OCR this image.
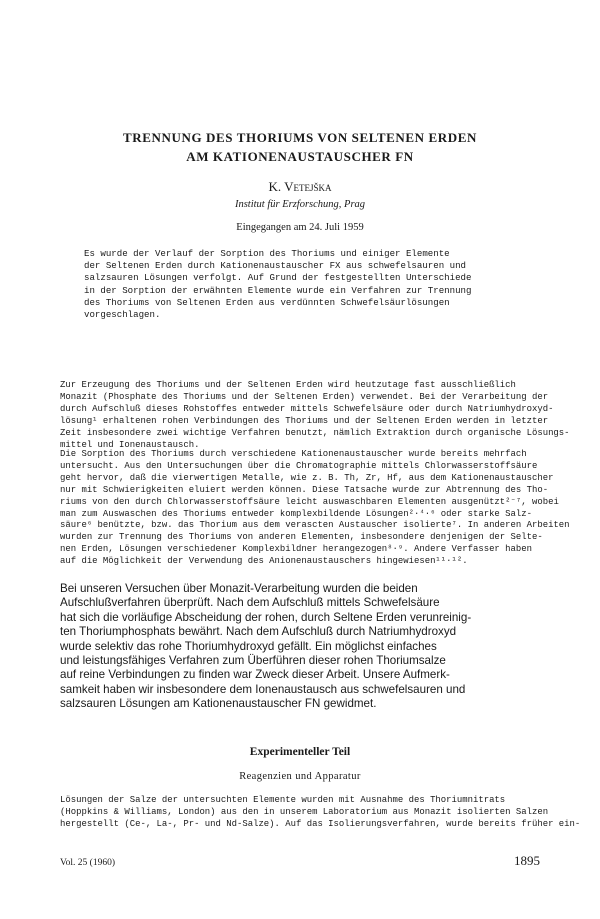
TRENNUNG DES THORIUMS VON SELTENEN ERDEN
AM KATIONENAUSTAUSCHER FN
K. Vetejška
Institut für Erzforschung, Prag
Eingegangen am 24. Juli 1959
Es wurde der Verlauf der Sorption des Thoriums und einiger Elemente
der Seltenen Erden durch Kationenaustauscher FX aus schwefelsauren und
salzsauren Lösungen verfolgt. Auf Grund der festgestellten Unterschiede
in der Sorption der erwähnten Elemente wurde ein Verfahren zur Trennung
des Thoriums von Seltenen Erden aus verdünnten Schwefelsäurlösungen
vorgeschlagen.
Zur Erzeugung des Thoriums und der Seltenen Erden wird heutzutage fast ausschließlich
Monazit (Phosphate des Thoriums und der Seltenen Erden) verwendet. Bei der Verarbeitung der
durch Aufschluß dieses Rohstoffes entweder mittels Schwefelsäure oder durch Natriumhydroxyd-
lösung¹ erhaltenen rohen Verbindungen des Thoriums und der Seltenen Erden werden in letzter
Zeit insbesondere zwei wichtige Verfahren benutzt, nämlich Extraktion durch organische Lösungs-
mittel und Ionenaustausch.
Die Sorption des Thoriums durch verschiedene Kationenaustauscher wurde bereits mehrfach
untersucht. Aus den Untersuchungen über die Chromatographie mittels Chlorwasserstoffsäure
geht hervor, daß die vierwertigen Metalle, wie z. B. Th, Zr, Hf, aus dem Kationenaustauscher
nur mit Schwierigkeiten eluiert werden können. Diese Tatsache wurde zur Abtrennung des Tho-
riums von den durch Chlorwasserstoffsäure leicht auswaschbaren Elementen ausgenützt²⁻⁷, wobei
man zum Auswaschen des Thoriums entweder komplexbildende Lösungen²·⁴·⁶ oder starke Salz-
säure⁶ benützte, bzw. das Thorium aus dem verascten Austauscher isolierte⁷. In anderen Arbeiten
wurden zur Trennung des Thoriums von anderen Elementen, insbesondere denjenigen der Selte-
nen Erden, Lösungen verschiedener Komplexbildner herangezogen⁸·⁹. Andere Verfasser haben
auf die Möglichkeit der Verwendung des Anionenaustauschers hingewiesen¹¹·¹².
Bei unseren Versuchen über Monazit-Verarbeitung wurden die beiden
Aufschlußverfahren überprüft. Nach dem Aufschluß mittels Schwefelsäure
hat sich die vorläufige Abscheidung der rohen, durch Seltene Erden verunreinig-
ten Thoriumphosphats bewährt. Nach dem Aufschluß durch Natriumhydroxyd
wurde selektiv das rohe Thoriumhydroxyd gefällt. Ein möglichst einfaches
und leistungsfähiges Verfahren zum Überführen dieser rohen Thoriumsalze
auf reine Verbindungen zu finden war Zweck dieser Arbeit. Unsere Aufmerk-
samkeit haben wir insbesondere dem Ionenaustausch aus schwefelsauren und
salzsauren Lösungen am Kationenaustauscher FN gewidmet.
Experimenteller Teil
Reagenzien und Apparatur
Lösungen der Salze der untersuchten Elemente wurden mit Ausnahme des Thoriumnitrats
(Hoppkins & Williams, London) aus den in unserem Laboratorium aus Monazit isolierten Salzen
hergestellt (Ce-, La-, Pr- und Nd-Salze). Auf das Isolierungsverfahren, wurde bereits früher ein-
Vol. 25 (1960)	1895
